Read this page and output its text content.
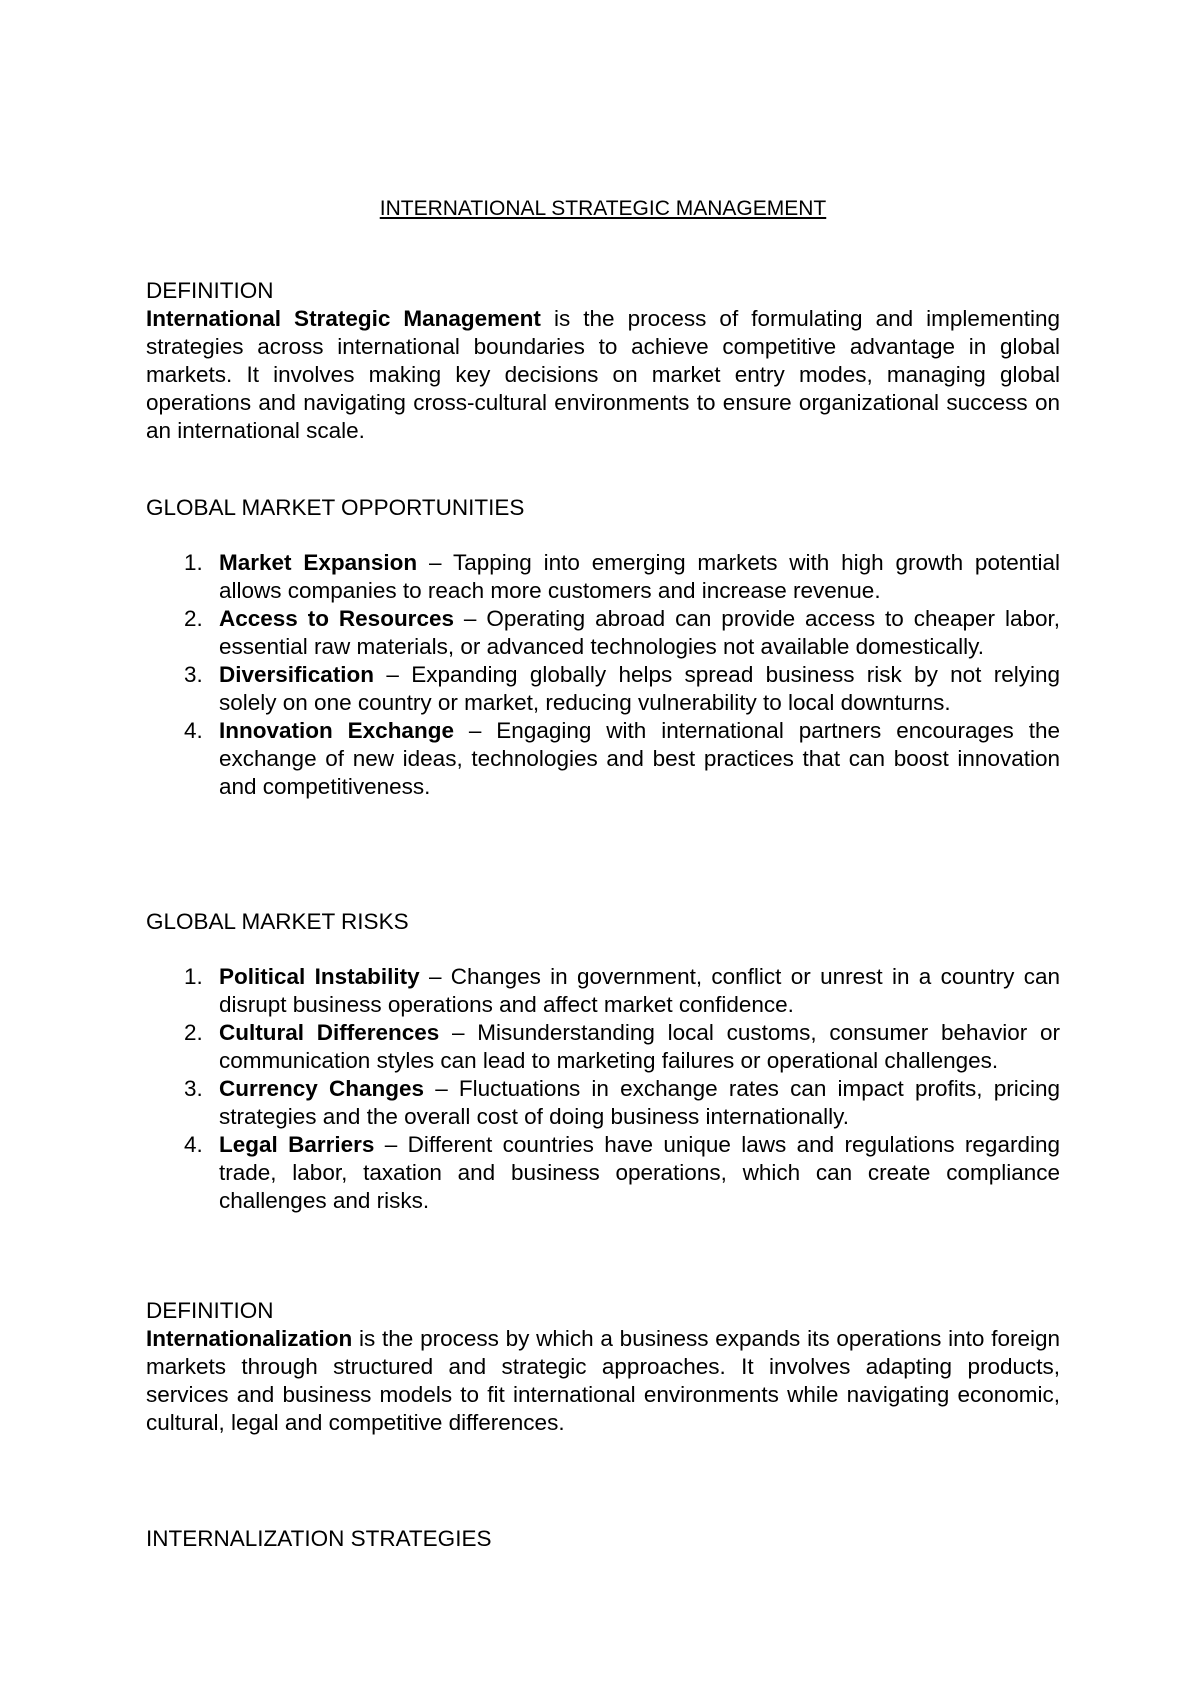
INTERNATIONAL STRATEGIC MANAGEMENT
DEFINITION

International Strategic Management is the process of formulating and implementing strategies across international boundaries to achieve competitive advantage in global markets. It involves making key decisions on market entry modes, managing global operations and navigating cross-cultural environments to ensure organizational success on an international scale.

GLOBAL MARKET OPPORTUNITIES
1. Market Expansion – Tapping into emerging markets with high growth potential allows companies to reach more customers and increase revenue.
2. Access to Resources – Operating abroad can provide access to cheaper labor, essential raw materials, or advanced technologies not available domestically.
3. Diversification – Expanding globally helps spread business risk by not relying solely on one country or market, reducing vulnerability to local downturns.
4. Innovation Exchange – Engaging with international partners encourages the exchange of new ideas, technologies and best practices that can boost innovation and competitiveness.
GLOBAL MARKET RISKS
1. Political Instability – Changes in government, conflict or unrest in a country can disrupt business operations and affect market confidence.
2. Cultural Differences – Misunderstanding local customs, consumer behavior or communication styles can lead to marketing failures or operational challenges.
3. Currency Changes – Fluctuations in exchange rates can impact profits, pricing strategies and the overall cost of doing business internationally.
4. Legal Barriers – Different countries have unique laws and regulations regarding trade, labor, taxation and business operations, which can create compliance challenges and risks.
DEFINITION

Internationalization is the process by which a business expands its operations into foreign markets through structured and strategic approaches. It involves adapting products, services and business models to fit international environments while navigating economic, cultural, legal and competitive differences.

INTERNALIZATION STRATEGIES
